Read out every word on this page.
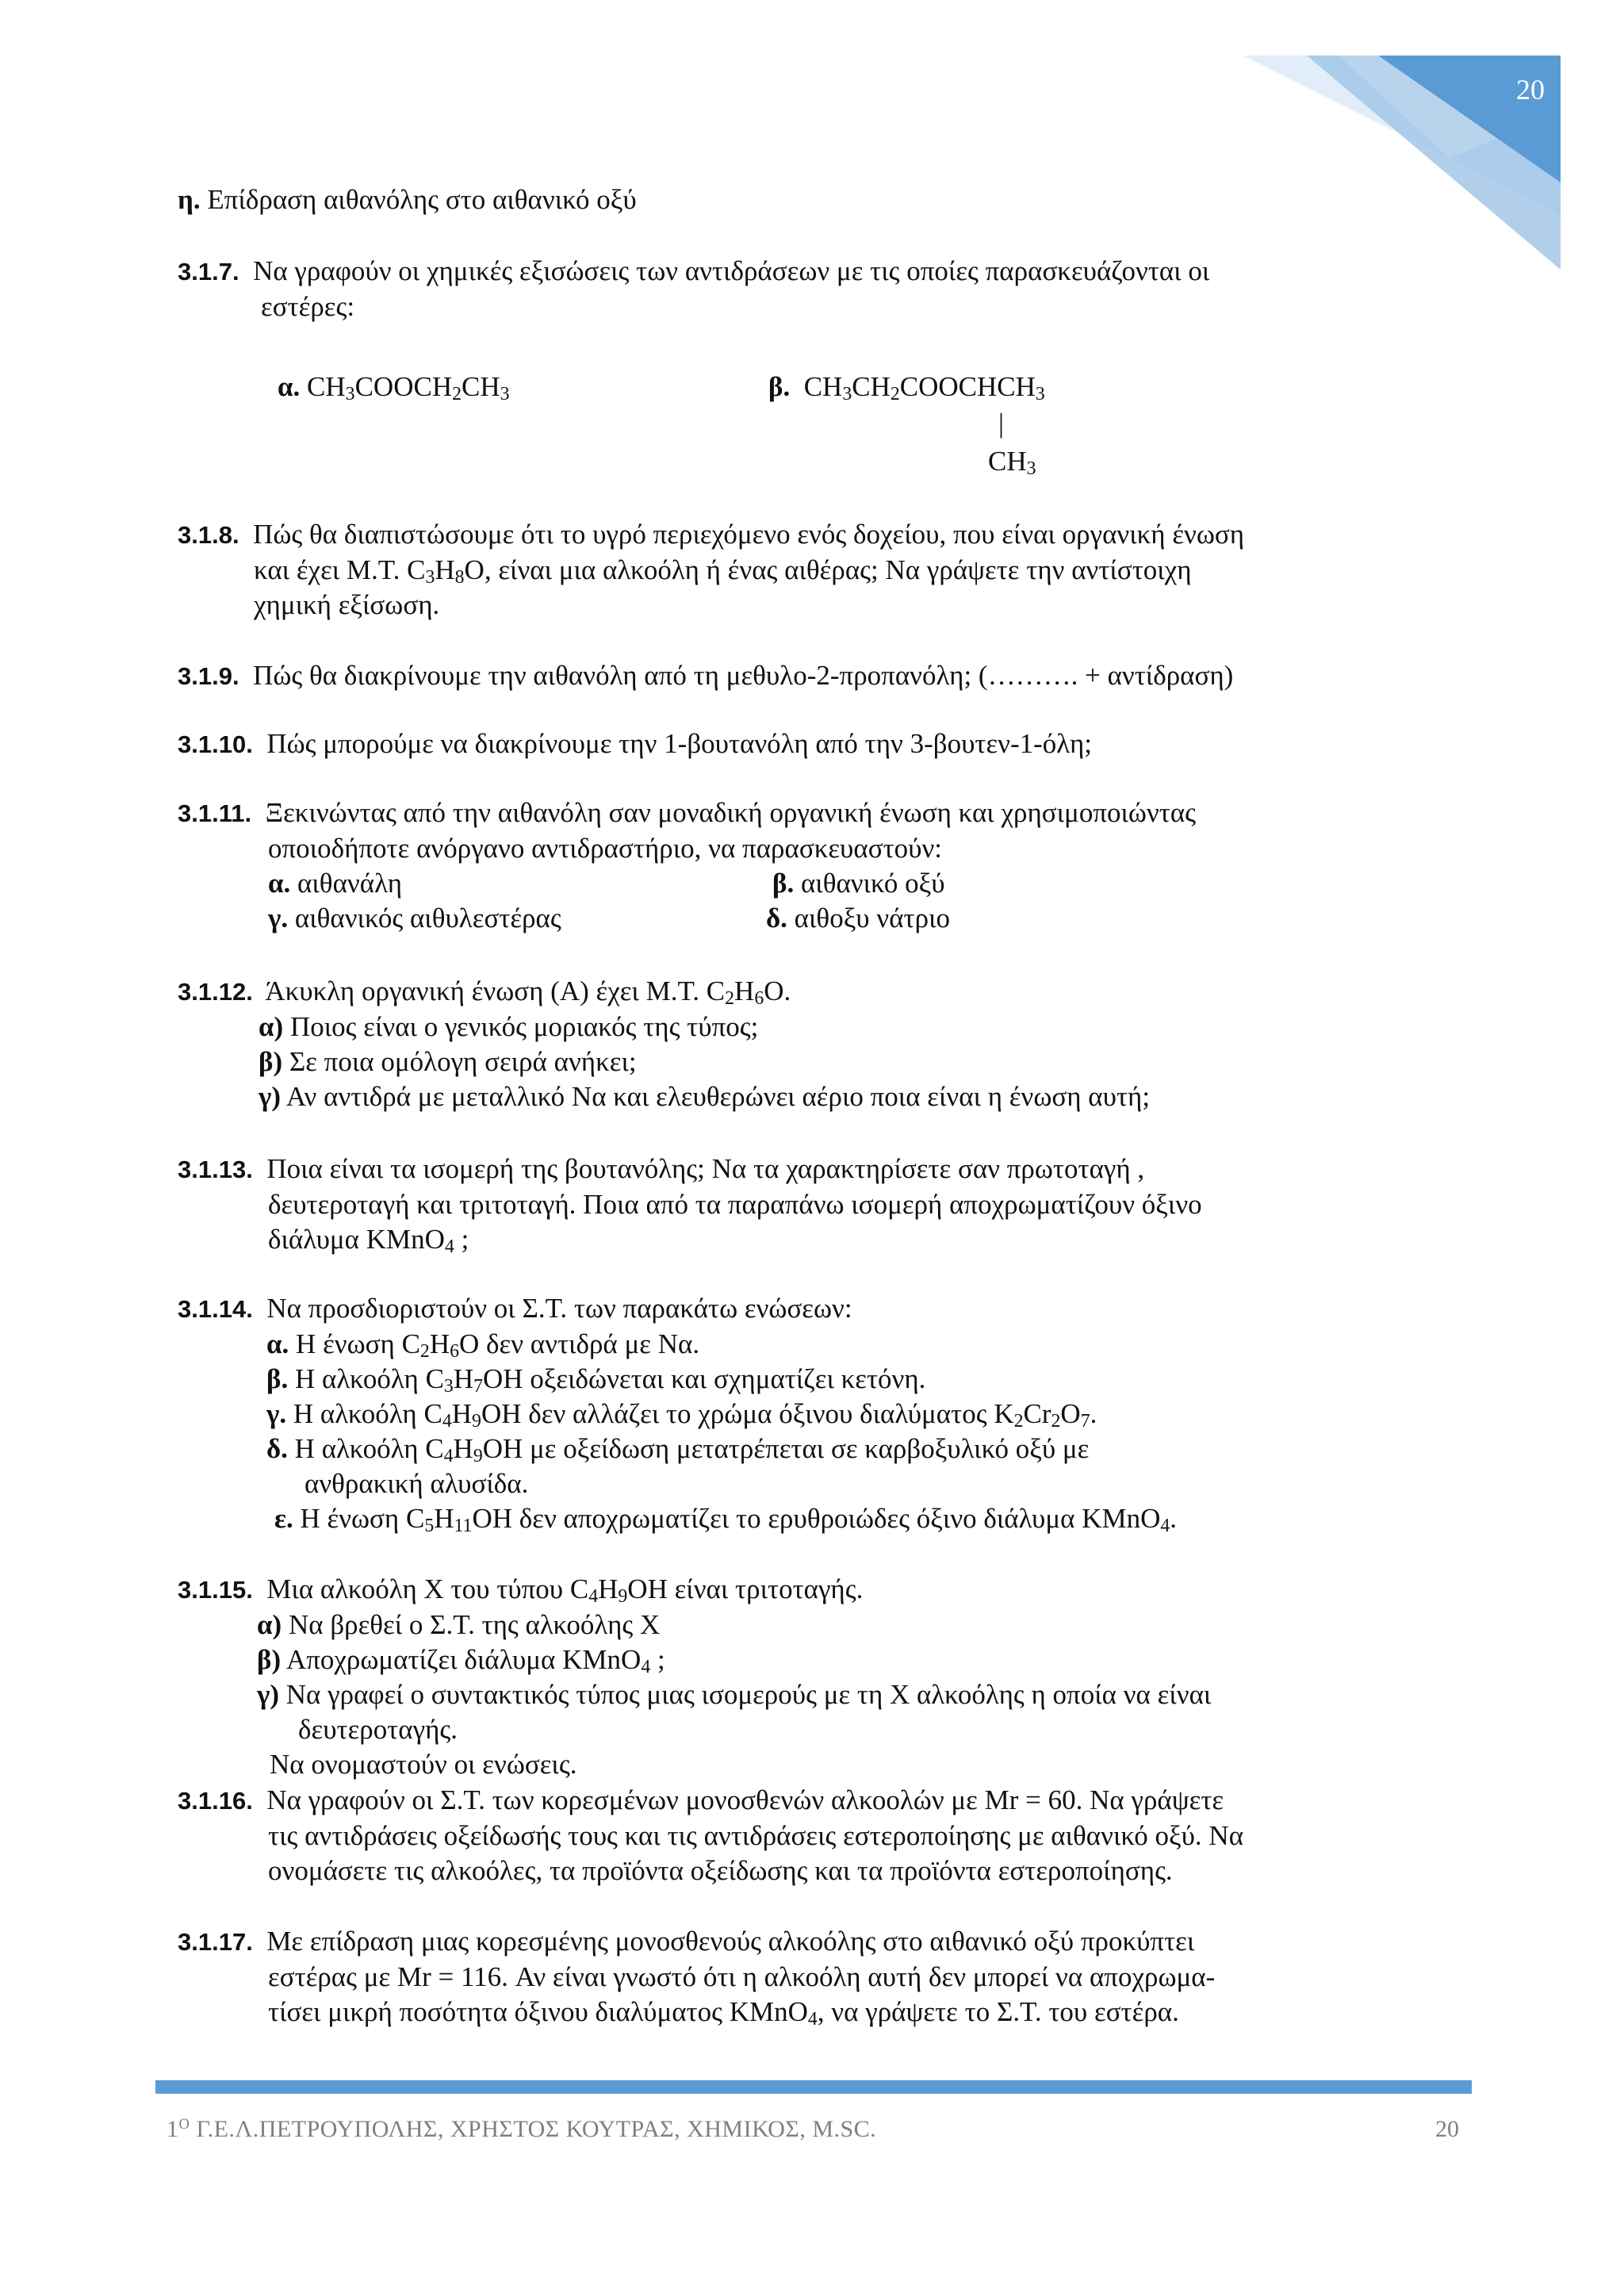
20
η. Επίδραση αιθανόλης στο αιθανικό οξύ
3.1.7. Να γραφούν οι χημικές εξισώσεις των αντιδράσεων με τις οποίες παρασκευάζονται οι
εστέρες:
α. $CH_3COOCH_2CH_3$	β.  $CH_3CH_2COOCHCH_3$
|
$CH_3$
3.1.8. Πώς θα διαπιστώσουμε ότι το υγρό περιεχόμενο ενός δοχείου, που είναι οργανική ένωση
και έχει Μ.Τ. $C_3H_8O$, είναι μια αλκοόλη ή ένας αιθέρας; Να γράψετε την αντίστοιχη
χημική εξίσωση.
3.1.9. Πώς θα διακρίνουμε την αιθανόλη από τη μεθυλο-2-προπανόλη; (………. + αντίδραση)
3.1.10. Πώς μπορούμε να διακρίνουμε την 1-βουτανόλη από την 3-βουτεν-1-όλη;
3.1.11. Ξεκινώντας από την αιθανόλη σαν μοναδική οργανική ένωση και χρησιμοποιώντας
οποιοδήποτε ανόργανο αντιδραστήριο, να παρασκευαστούν:
α. αιθανάλη	β. αιθανικό οξύ
γ. αιθανικός αιθυλεστέρας	δ. αιθοξυ νάτριο
3.1.12. Άκυκλη οργανική ένωση (Α) έχει Μ.Τ. $C_2H_6O$.
α) Ποιος είναι ο γενικός μοριακός της τύπος;
β) Σε ποια ομόλογη σειρά ανήκει;
γ) Αν αντιδρά με μεταλλικό Να και ελευθερώνει αέριο ποια είναι η ένωση αυτή;
3.1.13. Ποια είναι τα ισομερή της βουτανόλης; Να τα χαρακτηρίσετε σαν πρωτοταγή ,
δευτεροταγή και τριτοταγή. Ποια από τα παραπάνω ισομερή αποχρωματίζουν όξινο
διάλυμα KMnO$_4$ ;
3.1.14. Να προσδιοριστούν οι Σ.Τ. των παρακάτω ενώσεων:
α. Η ένωση $C_2H_6O$ δεν αντιδρά με Να.
β. Η αλκοόλη $C_3H_7OH$ οξειδώνεται και σχηματίζει κετόνη.
γ. Η αλκοόλη $C_4H_9OH$ δεν αλλάζει το χρώμα όξινου διαλύματος $K_2Cr_2O_7$.
δ. Η αλκοόλη $C_4H_9OH$ με οξείδωση μετατρέπεται σε καρβοξυλικό οξύ με
ανθρακική αλυσίδα.
ε. Η ένωση $C_5H_{11}OH$ δεν αποχρωματίζει το ερυθροιώδες όξινο διάλυμα KMnO$_4$.
3.1.15. Μια αλκοόλη Χ του τύπου $C_4H_9OH$ είναι τριτοταγής.
α) Να βρεθεί ο Σ.Τ. της αλκοόλης Χ
β) Αποχρωματίζει διάλυμα KMnO$_4$ ;
γ) Να γραφεί ο συντακτικός τύπος μιας ισομερούς με τη Χ αλκοόλης η οποία να είναι
δευτεροταγής.
Να ονομαστούν οι ενώσεις.
3.1.16. Να γραφούν οι Σ.Τ. των κορεσμένων μονοσθενών αλκοολών με Mr = 60. Να γράψετε
τις αντιδράσεις οξείδωσής τους και τις αντιδράσεις εστεροποίησης με αιθανικό οξύ. Να
ονομάσετε τις αλκοόλες, τα προϊόντα οξείδωσης και τα προϊόντα εστεροποίησης.
3.1.17. Με επίδραση μιας κορεσμένης μονοσθενούς αλκοόλης στο αιθανικό οξύ προκύπτει
εστέρας με Mr = 116. Αν είναι γνωστό ότι η αλκοόλη αυτή δεν μπορεί να αποχρωμα-
τίσει μικρή ποσότητα όξινου διαλύματος KMnO$_4$, να γράψετε το Σ.Τ. του εστέρα.
$1^O$ Γ.Ε.Λ.ΠΕΤΡΟΥΠΟΛΗΣ, ΧΡΗΣΤΟΣ ΚΟΥΤΡΑΣ, ΧΗΜΙΚΟΣ, M.SC.	20
